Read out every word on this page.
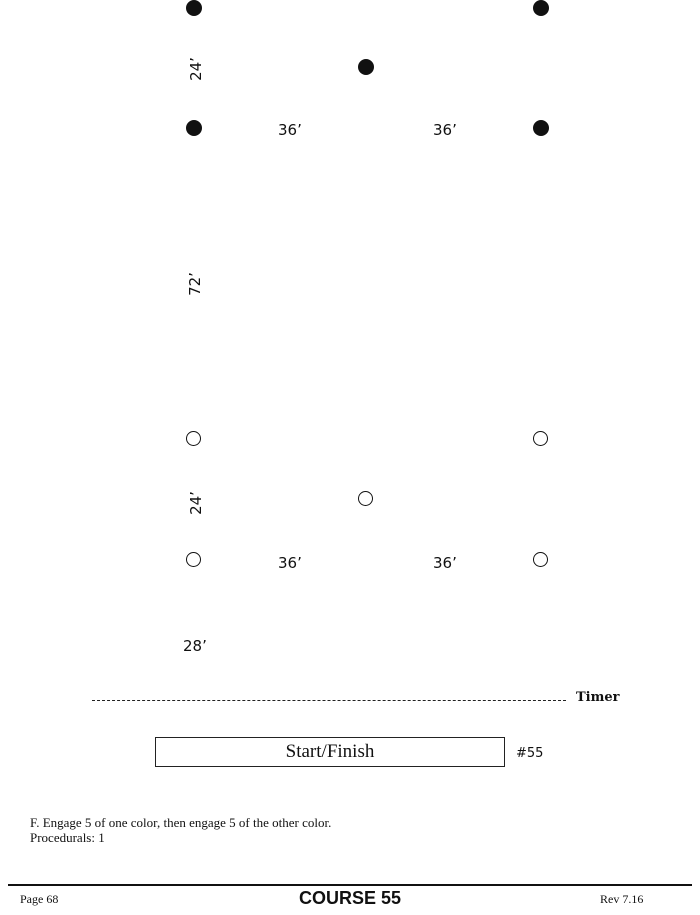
24’
36’	36’
72’
24’
36’	36’
28’
Timer
Start/Finish	#55
F. Engage 5 of one color, then engage 5 of the other color.
Procedurals: 1
Page 68	COURSE 55	Rev 7.16
